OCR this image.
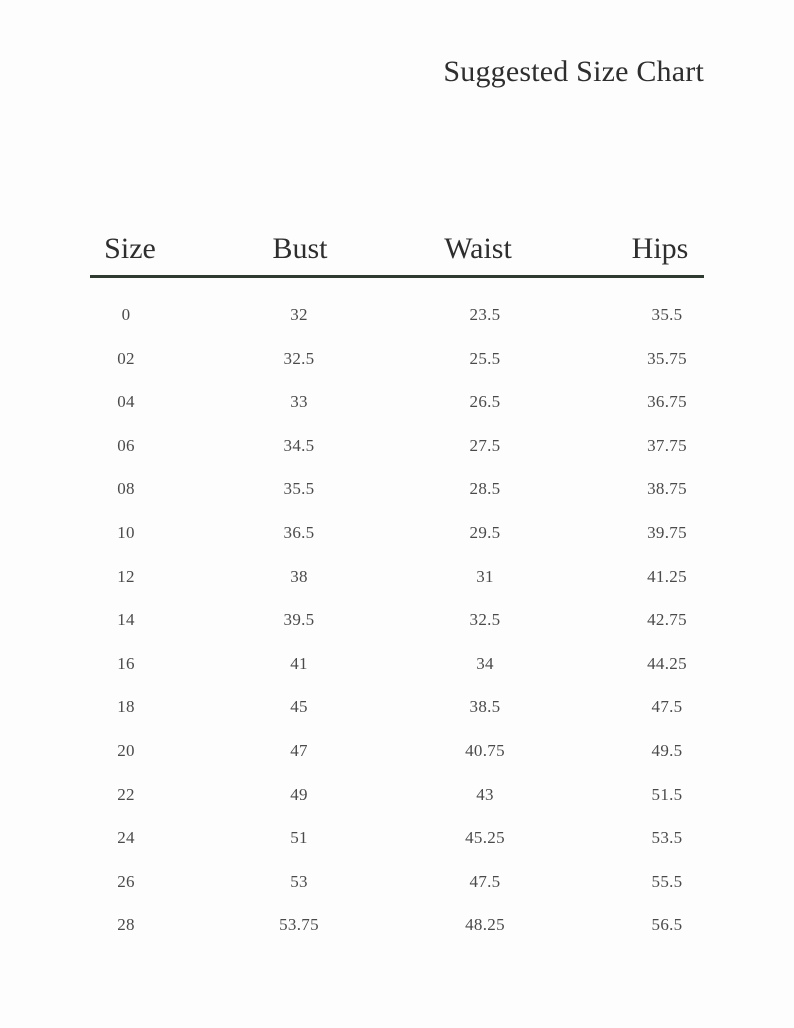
Suggested Size Chart
Size	Bust	Waist	Hips
0	32	23.5	35.5
02	32.5	25.5	35.75
04	33	26.5	36.75
06	34.5	27.5	37.75
08	35.5	28.5	38.75
10	36.5	29.5	39.75
12	38	31	41.25
14	39.5	32.5	42.75
16	41	34	44.25
18	45	38.5	47.5
20	47	40.75	49.5
22	49	43	51.5
24	51	45.25	53.5
26	53	47.5	55.5
28	53.75	48.25	56.5
